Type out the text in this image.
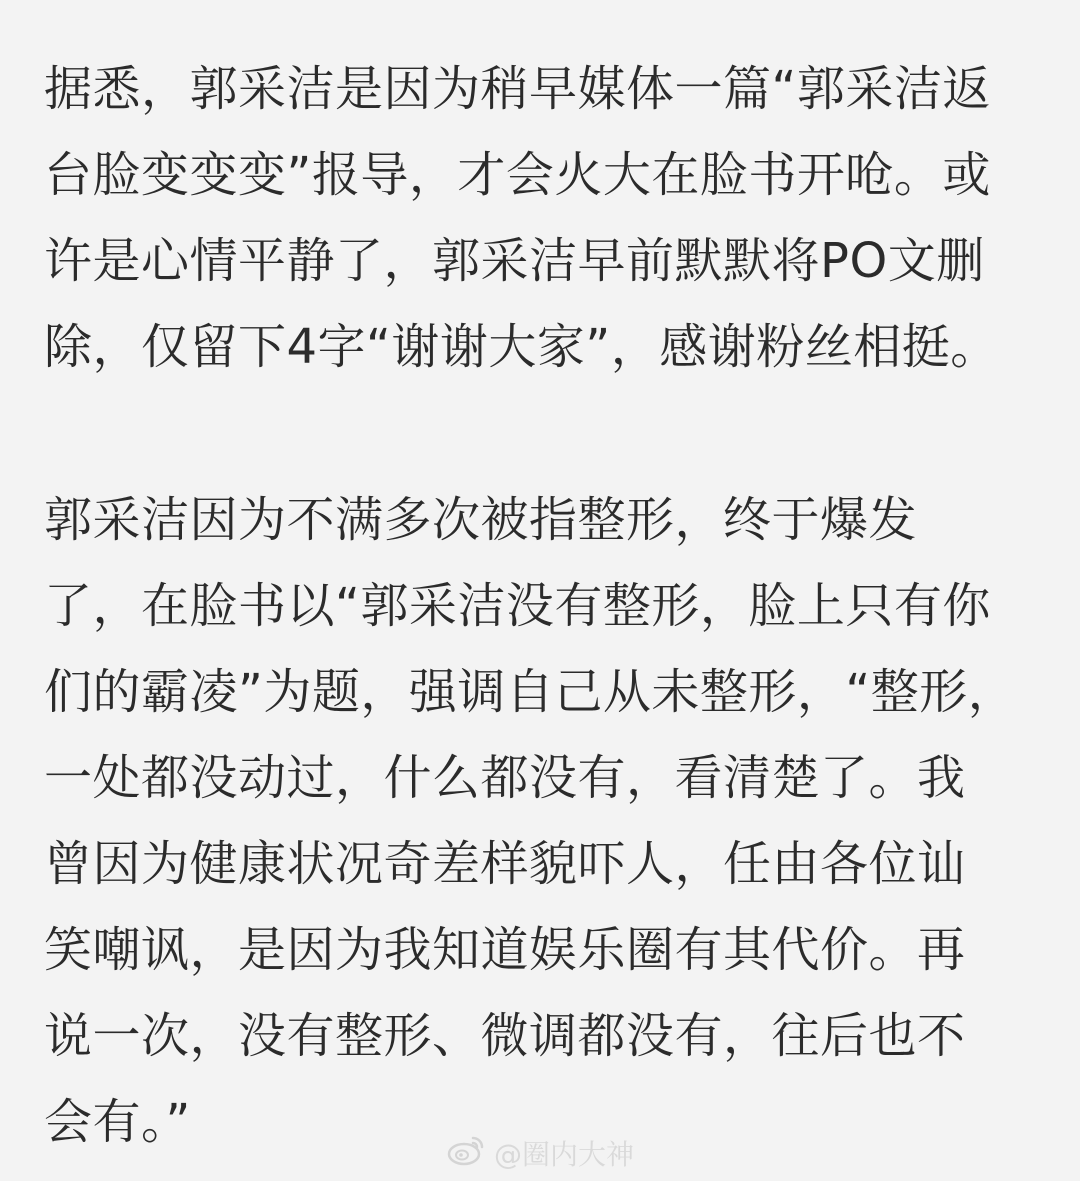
据悉，郭采洁是因为稍早媒体一篇“郭采洁返
台脸变变变”报导，才会火大在脸书开呛。或
许是心情平静了，郭采洁早前默默将PO文删
除，仅留下4字“谢谢大家”，感谢粉丝相挺。
郭采洁因为不满多次被指整形，终于爆发
了，在脸书以“郭采洁没有整形，脸上只有你
们的霸凌”为题，强调自己从未整形，“整形，
一处都没动过，什么都没有，看清楚了。我
曾因为健康状况奇差样貌吓人，任由各位讪
笑嘲讽，是因为我知道娱乐圈有其代价。再
说一次，没有整形、微调都没有，往后也不
会有。”
@圈内大神
